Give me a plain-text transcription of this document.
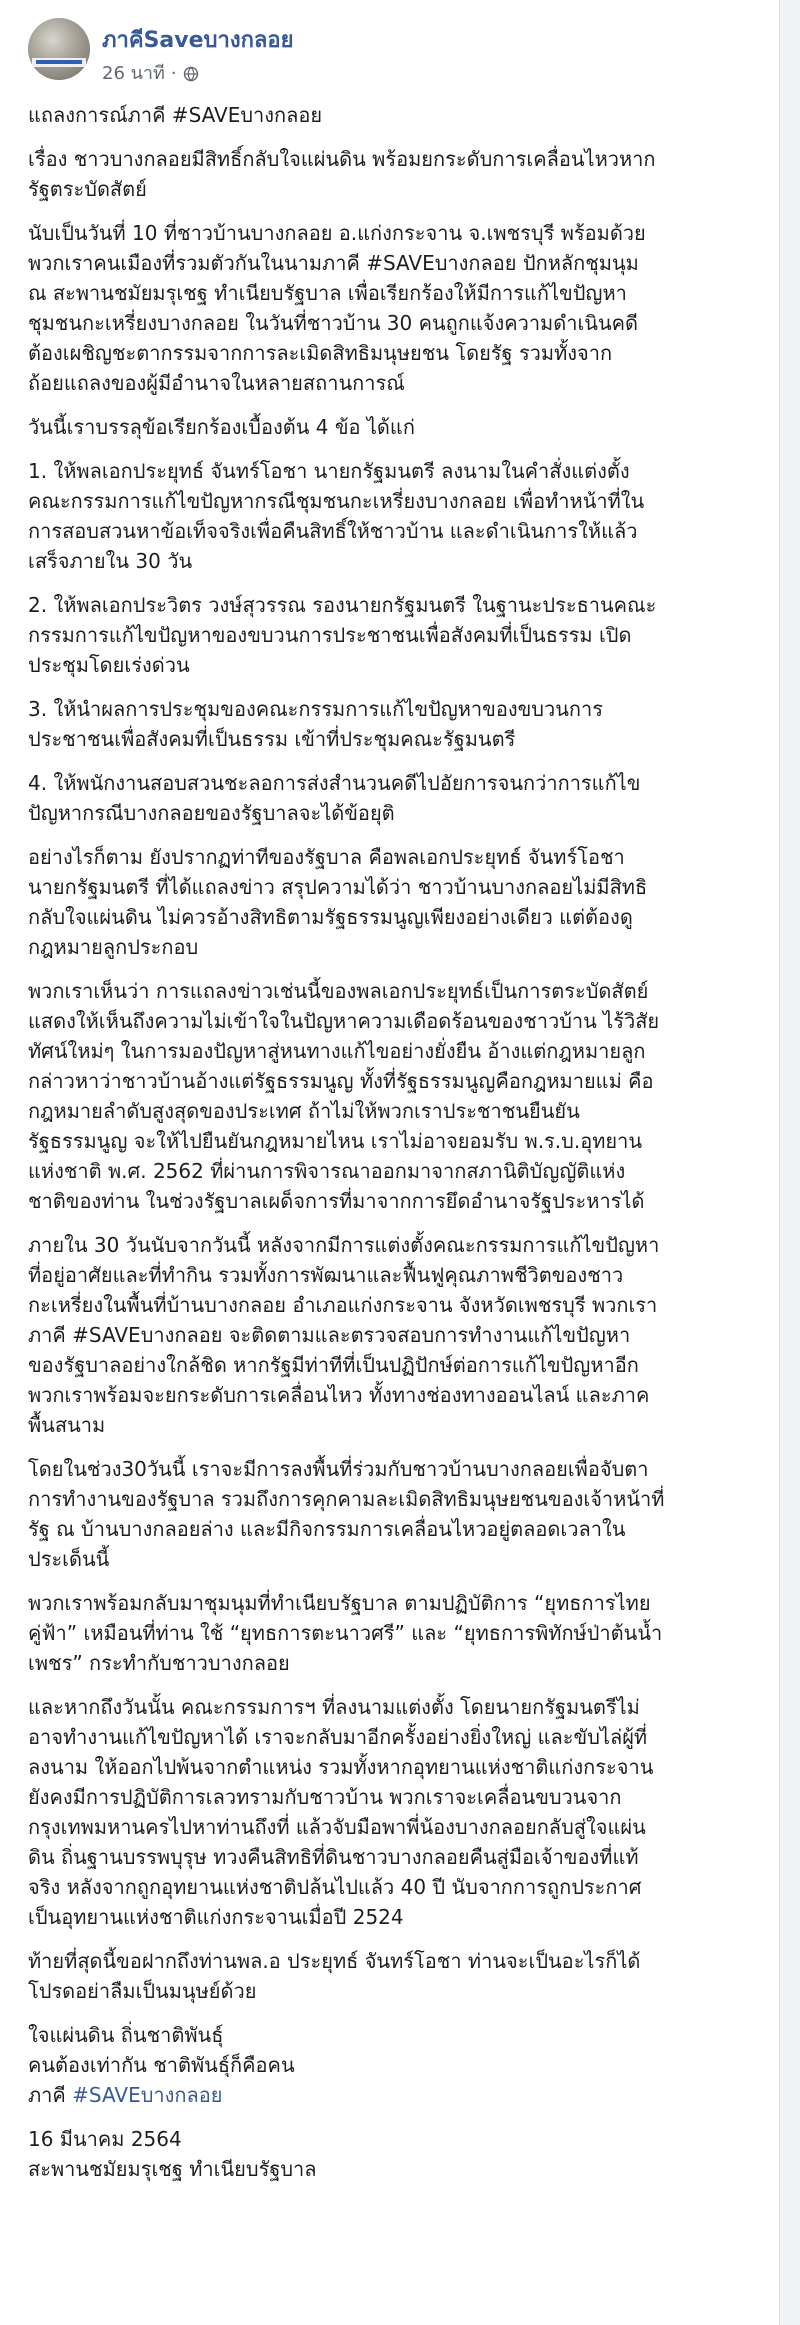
ภาคีSaveบางกลอย
26 นาที ·
แถลงการณ์ภาคี #SAVEบางกลอย
เรื่อง ชาวบางกลอยมีสิทธิ์กลับใจแผ่นดิน พร้อมยกระดับการเคลื่อนไหวหาก
รัฐตระบัดสัตย์
นับเป็นวันที่ 10 ที่ชาวบ้านบางกลอย อ.แก่งกระจาน จ.เพชรบุรี พร้อมด้วย
พวกเราคนเมืองที่รวมตัวกันในนามภาคี #SAVEบางกลอย ปักหลักชุมนุม
ณ สะพานชมัยมรุเชฐ ทำเนียบรัฐบาล เพื่อเรียกร้องให้มีการแก้ไขปัญหา
ชุมชนกะเหรี่ยงบางกลอย ในวันที่ชาวบ้าน 30 คนถูกแจ้งความดำเนินคดี
ต้องเผชิญชะตากรรมจากการละเมิดสิทธิมนุษยชน โดยรัฐ รวมทั้งจาก
ถ้อยแถลงของผู้มีอำนาจในหลายสถานการณ์
วันนี้เราบรรลุข้อเรียกร้องเบื้องต้น 4 ข้อ ได้แก่
1. ให้พลเอกประยุทธ์ จันทร์โอชา นายกรัฐมนตรี ลงนามในคำสั่งแต่งตั้ง
คณะกรรมการแก้ไขปัญหากรณีชุมชนกะเหรี่ยงบางกลอย เพื่อทำหน้าที่ใน
การสอบสวนหาข้อเท็จจริงเพื่อคืนสิทธิ์ให้ชาวบ้าน และดำเนินการให้แล้ว
เสร็จภายใน 30 วัน
2. ให้พลเอกประวิตร วงษ์สุวรรณ รองนายกรัฐมนตรี ในฐานะประธานคณะ
กรรมการแก้ไขปัญหาของขบวนการประชาชนเพื่อสังคมที่เป็นธรรม เปิด
ประชุมโดยเร่งด่วน
3. ให้นำผลการประชุมของคณะกรรมการแก้ไขปัญหาของขบวนการ
ประชาชนเพื่อสังคมที่เป็นธรรม เข้าที่ประชุมคณะรัฐมนตรี
4. ให้พนักงานสอบสวนชะลอการส่งสำนวนคดีไปอัยการจนกว่าการแก้ไข
ปัญหากรณีบางกลอยของรัฐบาลจะได้ข้อยุติ
อย่างไรก็ตาม ยังปรากฏท่าทีของรัฐบาล คือพลเอกประยุทธ์ จันทร์โอชา
นายกรัฐมนตรี ที่ได้แถลงข่าว สรุปความได้ว่า ชาวบ้านบางกลอยไม่มีสิทธิ
กลับใจแผ่นดิน ไม่ควรอ้างสิทธิตามรัฐธรรมนูญเพียงอย่างเดียว แต่ต้องดู
กฎหมายลูกประกอบ
พวกเราเห็นว่า การแถลงข่าวเช่นนี้ของพลเอกประยุทธ์เป็นการตระบัดสัตย์
แสดงให้เห็นถึงความไม่เข้าใจในปัญหาความเดือดร้อนของชาวบ้าน ไร้วิสัย
ทัศน์ใหม่ๆ ในการมองปัญหาสู่หนทางแก้ไขอย่างยั่งยืน อ้างแต่กฎหมายลูก
กล่าวหาว่าชาวบ้านอ้างแต่รัฐธรรมนูญ ทั้งที่รัฐธรรมนูญคือกฎหมายแม่ คือ
กฎหมายลำดับสูงสุดของประเทศ ถ้าไม่ให้พวกเราประชาชนยืนยัน
รัฐธรรมนูญ จะให้ไปยืนยันกฎหมายไหน เราไม่อาจยอมรับ พ.ร.บ.อุทยาน
แห่งชาติ พ.ศ. 2562 ที่ผ่านการพิจารณาออกมาจากสภานิติบัญญัติแห่ง
ชาติของท่าน ในช่วงรัฐบาลเผด็จการที่มาจากการยึดอำนาจรัฐประหารได้
ภายใน 30 วันนับจากวันนี้ หลังจากมีการแต่งตั้งคณะกรรมการแก้ไขปัญหา
ที่อยู่อาศัยและที่ทำกิน รวมทั้งการพัฒนาและฟื้นฟูคุณภาพชีวิตของชาว
กะเหรี่ยงในพื้นที่บ้านบางกลอย อำเภอแก่งกระจาน จังหวัดเพชรบุรี พวกเรา
ภาคี #SAVEบางกลอย จะติดตามและตรวจสอบการทำงานแก้ไขปัญหา
ของรัฐบาลอย่างใกล้ชิด หากรัฐมีท่าทีที่เป็นปฏิปักษ์ต่อการแก้ไขปัญหาอีก
พวกเราพร้อมจะยกระดับการเคลื่อนไหว ทั้งทางช่องทางออนไลน์ และภาค
พื้นสนาม
โดยในช่วง30วันนี้ เราจะมีการลงพื้นที่ร่วมกับชาวบ้านบางกลอยเพื่อจับตา
การทำงานของรัฐบาล รวมถึงการคุกคามละเมิดสิทธิมนุษยชนของเจ้าหน้าที่
รัฐ ณ บ้านบางกลอยล่าง และมีกิจกรรมการเคลื่อนไหวอยู่ตลอดเวลาใน
ประเด็นนี้
พวกเราพร้อมกลับมาชุมนุมที่ทำเนียบรัฐบาล ตามปฏิบัติการ “ยุทธการไทย
คู่ฟ้า” เหมือนที่ท่าน ใช้ “ยุทธการตะนาวศรี” และ “ยุทธการพิทักษ์ป่าต้นน้ำ
เพชร” กระทำกับชาวบางกลอย
และหากถึงวันนั้น คณะกรรมการฯ ที่ลงนามแต่งตั้ง โดยนายกรัฐมนตรีไม่
อาจทำงานแก้ไขปัญหาได้ เราจะกลับมาอีกครั้งอย่างยิ่งใหญ่ และขับไล่ผู้ที่
ลงนาม ให้ออกไปพ้นจากตำแหน่ง รวมทั้งหากอุทยานแห่งชาติแก่งกระจาน
ยังคงมีการปฏิบัติการเลวทรามกับชาวบ้าน พวกเราจะเคลื่อนขบวนจาก
กรุงเทพมหานครไปหาท่านถึงที่ แล้วจับมือพาพี่น้องบางกลอยกลับสู่ใจแผ่น
ดิน ถิ่นฐานบรรพบุรุษ ทวงคืนสิทธิที่ดินชาวบางกลอยคืนสู่มือเจ้าของที่แท้
จริง หลังจากถูกอุทยานแห่งชาติปล้นไปแล้ว 40 ปี นับจากการถูกประกาศ
เป็นอุทยานแห่งชาติแก่งกระจานเมื่อปี 2524
ท้ายที่สุดนี้ขอฝากถึงท่านพล.อ ประยุทธ์ จันทร์โอชา ท่านจะเป็นอะไรก็ได้
โปรดอย่าลืมเป็นมนุษย์ด้วย
ใจแผ่นดิน ถิ่นชาติพันธุ์
คนต้องเท่ากัน ชาติพันธุ์ก็คือคน
ภาคี #SAVEบางกลอย
16 มีนาคม 2564
สะพานชมัยมรุเชฐ ทำเนียบรัฐบาล
